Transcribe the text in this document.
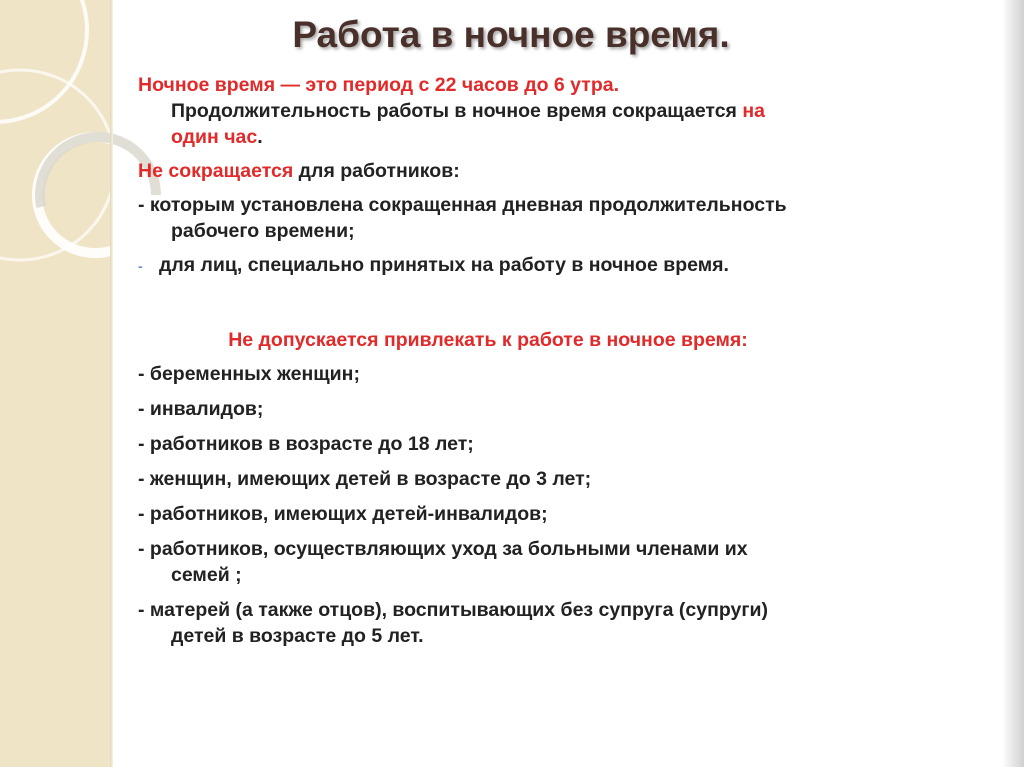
Работа в ночное время.

Ночное время — это период с 22 часов до 6 утра.
Продолжительность работы в ночное время сокращается на
один час.

Не сокращается для работников:

- которым установлена сокращенная дневная продолжительность
рабочего времени;

- для лиц, специально принятых на работу в ночное время.

Не допускается привлекать к работе в ночное время:

- беременных женщин;

- инвалидов;

- работников в возрасте до 18 лет;

- женщин, имеющих детей в возрасте до 3 лет;

- работников, имеющих детей-инвалидов;

- работников, осуществляющих уход за больными членами их
семей ;

- матерей (а также отцов), воспитывающих без супруга (супруги)
детей в возрасте до 5 лет.
